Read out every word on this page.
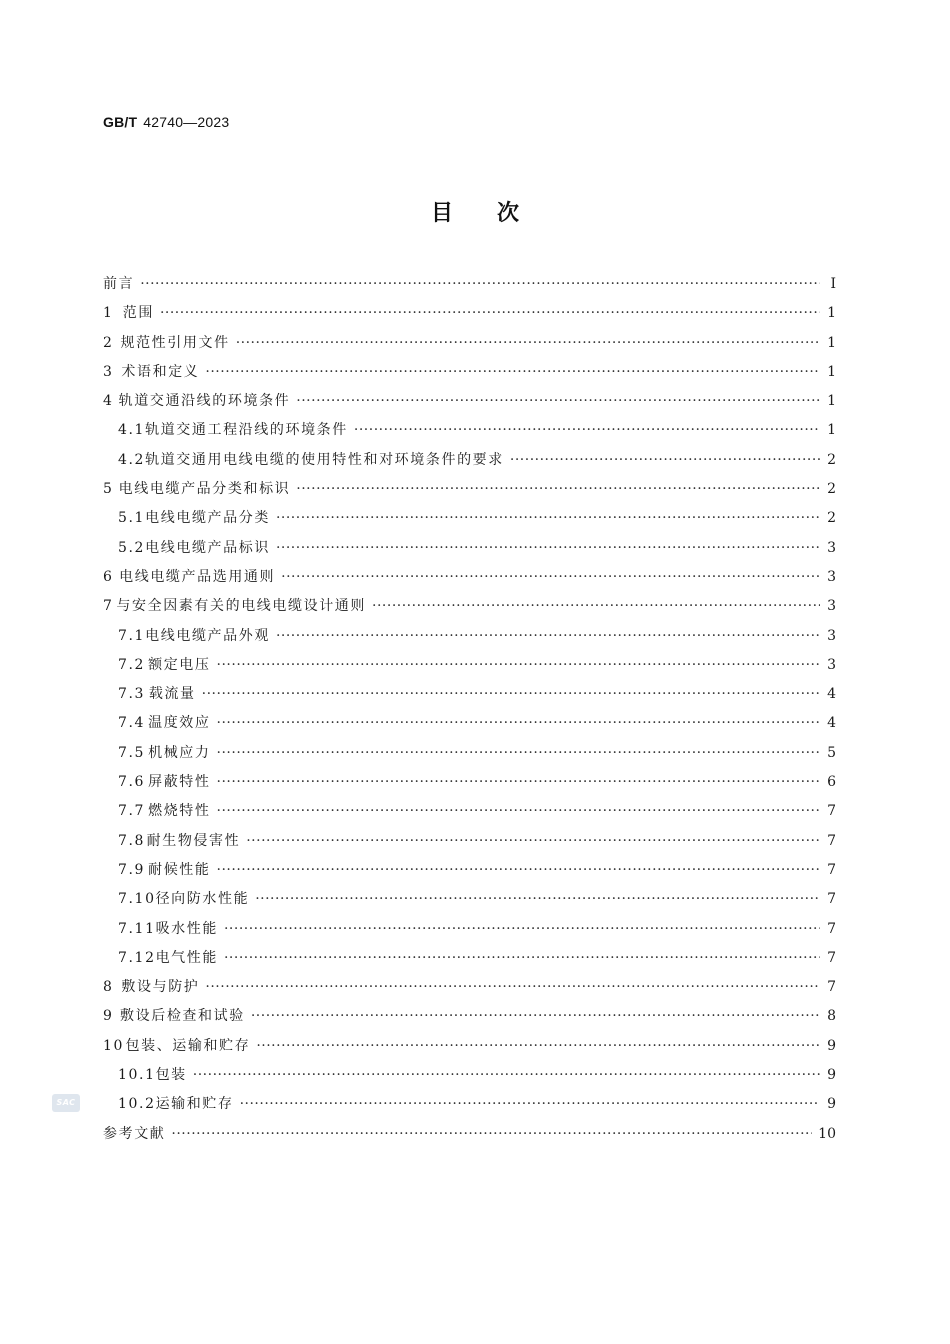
GB/T 42740—2023
目次
前言 ·····	Ⅰ
1 范围 ·····	1
2 规范性引用文件 ·····	1
3 术语和定义 ·····	1
4 轨道交通沿线的环境条件 ·····	1
4.1 轨道交通工程沿线的环境条件 ·····	1
4.2 轨道交通用电线电缆的使用特性和对环境条件的要求 ·····	2
5 电线电缆产品分类和标识 ·····	2
5.1 电线电缆产品分类 ·····	2
5.2 电线电缆产品标识 ·····	3
6 电线电缆产品选用通则 ·····	3
7 与安全因素有关的电线电缆设计通则 ·····	3
7.1 电线电缆产品外观 ·····	3
7.2 额定电压 ·····	3
7.3 载流量 ·····	4
7.4 温度效应 ·····	4
7.5 机械应力 ·····	5
7.6 屏蔽特性 ·····	6
7.7 燃烧特性 ·····	7
7.8 耐生物侵害性 ·····	7
7.9 耐候性能 ·····	7
7.10 径向防水性能 ·····	7
7.11 吸水性能 ·····	7
7.12 电气性能 ·····	7
8 敷设与防护 ·····	7
9 敷设后检查和试验 ·····	8
10 包装、运输和贮存 ·····	9
10.1 包装 ·····	9
10.2 运输和贮存 ·····	9
参考文献 ·····	10
SAC
